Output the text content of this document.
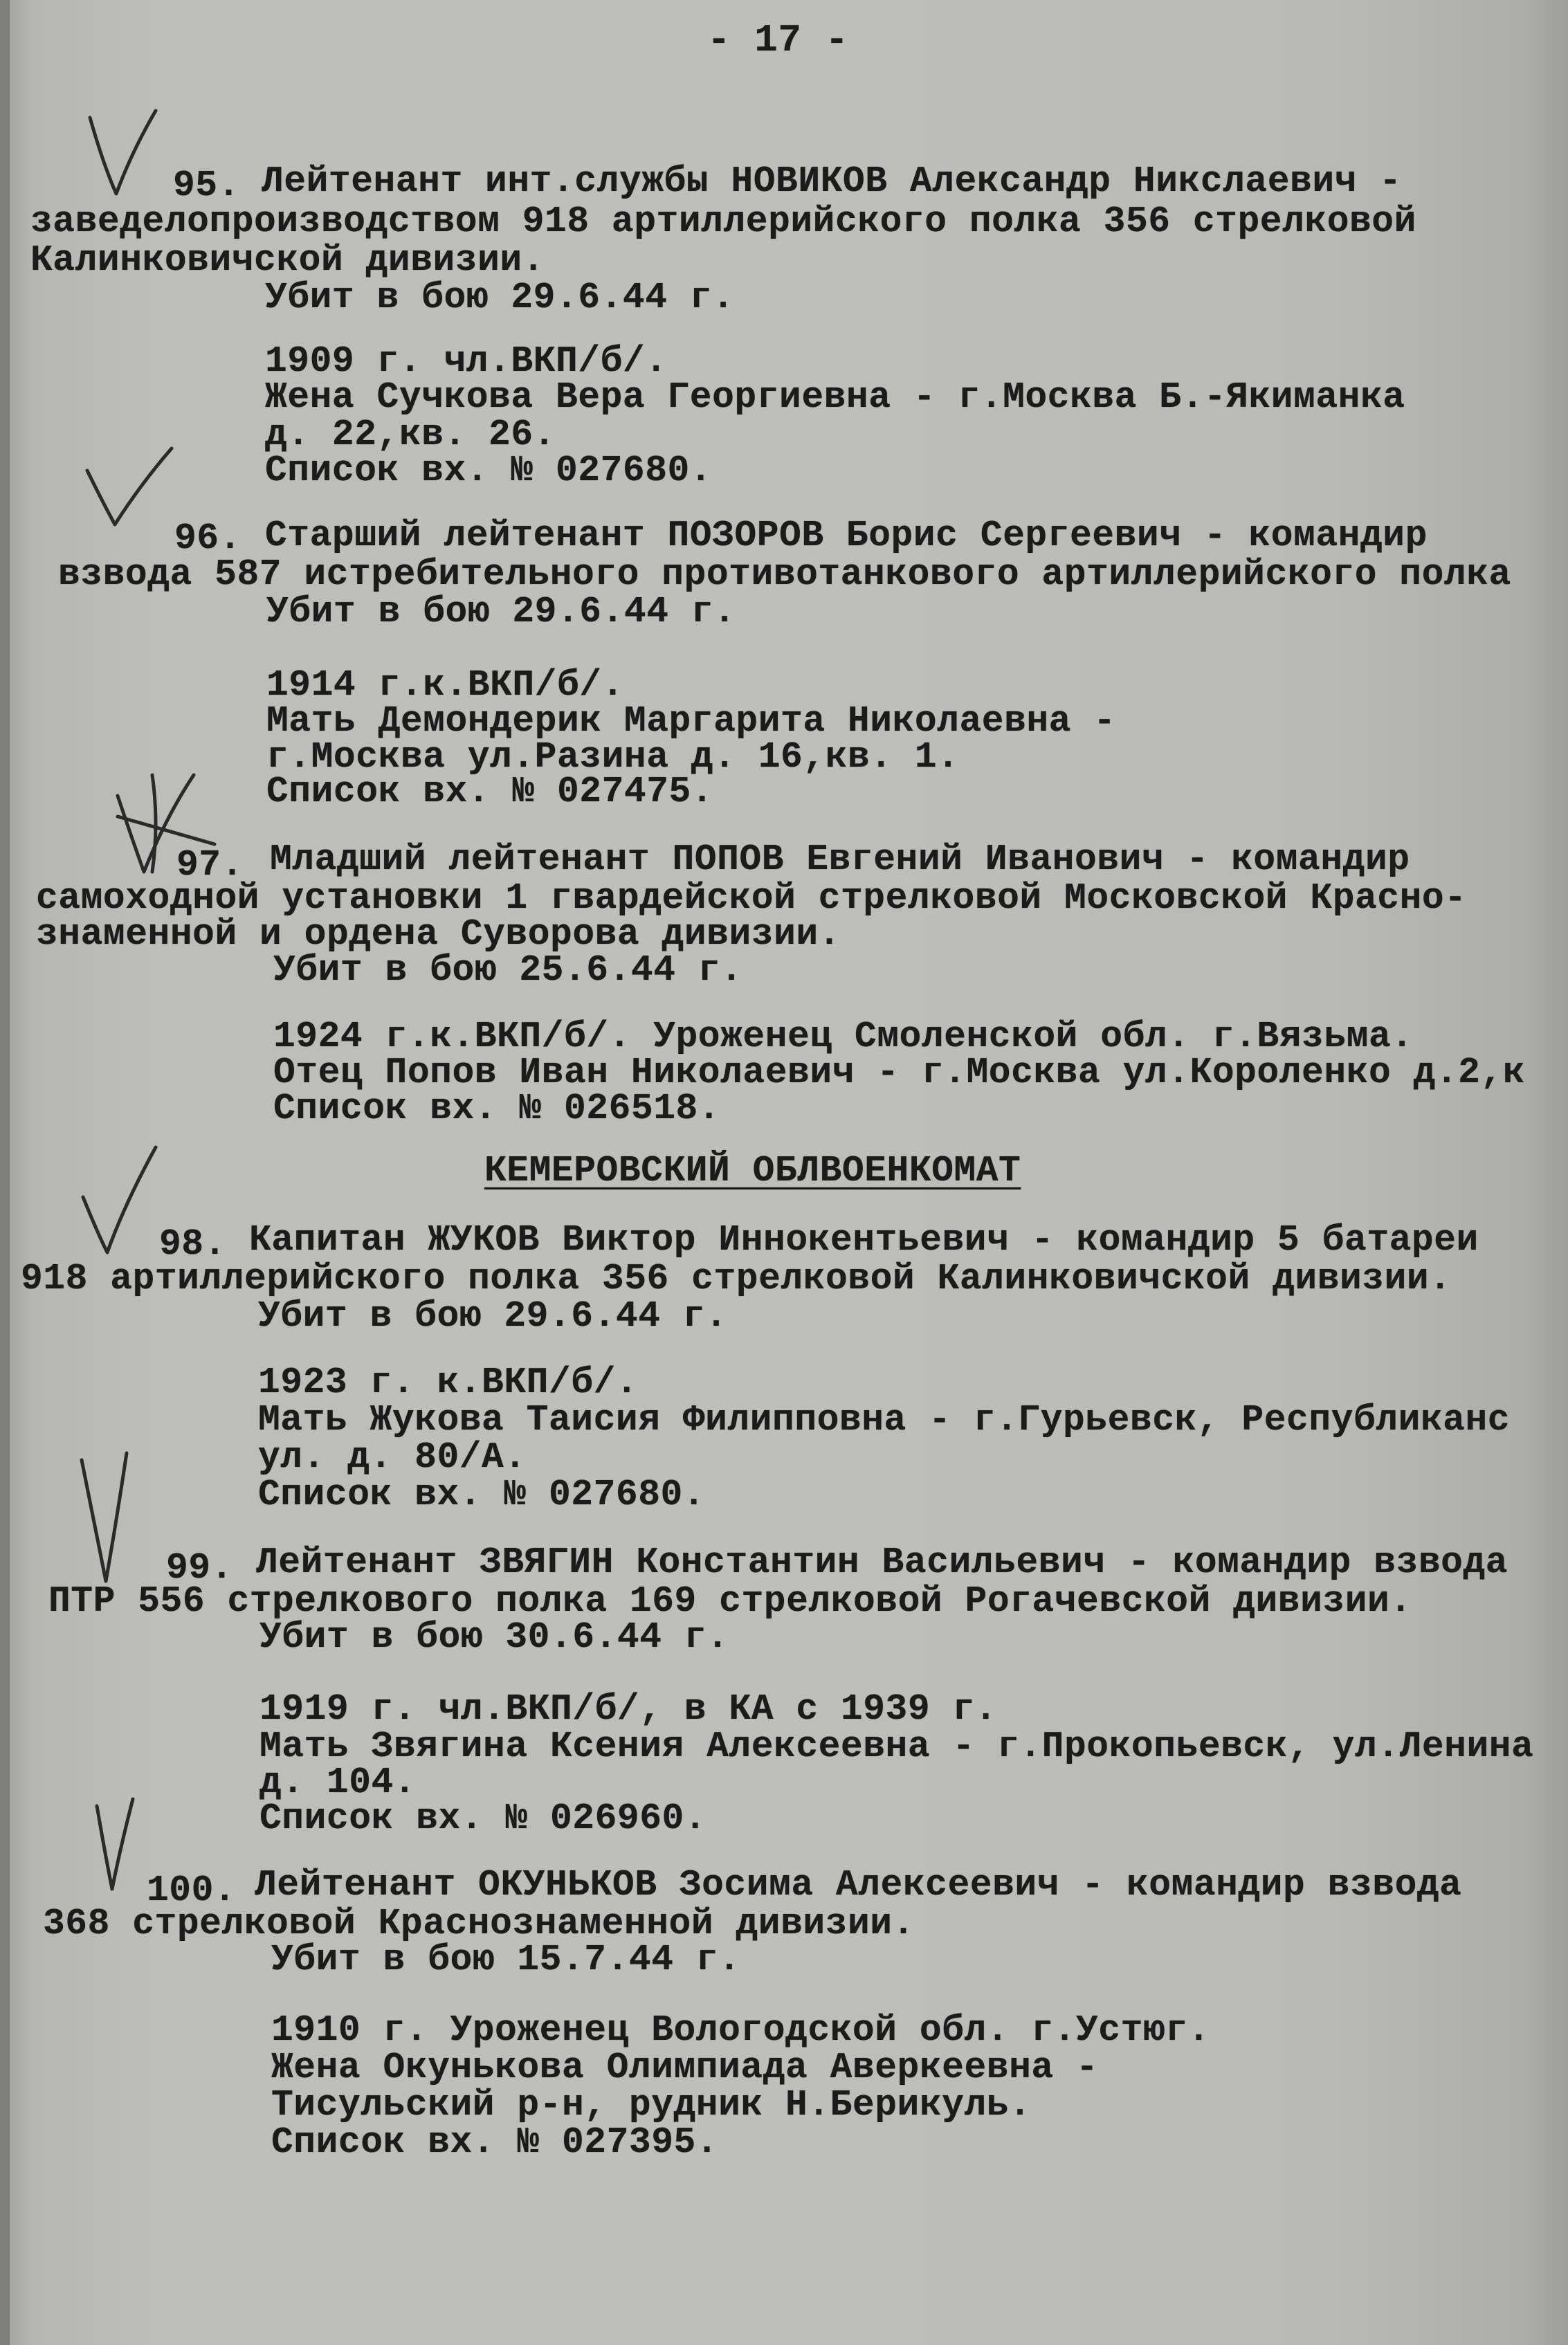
- 17 -
95. Лейтенант инт.службы НОВИКОВ Александр Никслаевич -
заведелопроизводством 918 артиллерийского полка 356 стрелковой
Калинковичской дивизии.
Убит в бою 29.6.44 г.
1909 г. чл.ВКП/б/.
Жена Сучкова Вера Георгиевна - г.Москва Б.-Якиманка
д. 22,кв. 26.
Список вх. № 027680.
96. Старший лейтенант ПОЗОРОВ Борис Сергеевич - командир
взвода 587 истребительного противотанкового артиллерийского полка
Убит в бою 29.6.44 г.
1914 г.к.ВКП/б/.
Мать Демондерик Маргарита Николаевна -
г.Москва ул.Разина д. 16,кв. 1.
Список вх. № 027475.
97. Младший лейтенант ПОПОВ Евгений Иванович - командир
самоходной установки 1 гвардейской стрелковой Московской Красно-
знаменной и ордена Суворова дивизии.
Убит в бою 25.6.44 г.
1924 г.к.ВКП/б/. Уроженец Смоленской обл. г.Вязьма.
Отец Попов Иван Николаевич - г.Москва ул.Короленко д.2,к
Список вх. № 026518.
КЕМЕРОВСКИЙ ОБЛВОЕНКОМАТ
98. Капитан ЖУКОВ Виктор Иннокентьевич - командир 5 батареи
918 артиллерийского полка 356 стрелковой Калинковичской дивизии.
Убит в бою 29.6.44 г.
1923 г. к.ВКП/б/.
Мать Жукова Таисия Филипповна - г.Гурьевск, Республиканс
ул. д. 80/А.
Список вх. № 027680.
99. Лейтенант ЗВЯГИН Константин Васильевич - командир взвода
ПТР 556 стрелкового полка 169 стрелковой Рогачевской дивизии.
Убит в бою 30.6.44 г.
1919 г. чл.ВКП/б/, в КА с 1939 г.
Мать Звягина Ксения Алексеевна - г.Прокопьевск, ул.Ленина
д. 104.
Список вх. № 026960.
100. Лейтенант ОКУНЬКОВ Зосима Алексеевич - командир взвода
368 стрелковой Краснознаменной дивизии.
Убит в бою 15.7.44 г.
1910 г. Уроженец Вологодской обл. г.Устюг.
Жена Окунькова Олимпиада Аверкеевна -
Тисульский р-н, рудник Н.Берикуль.
Список вх. № 027395.
